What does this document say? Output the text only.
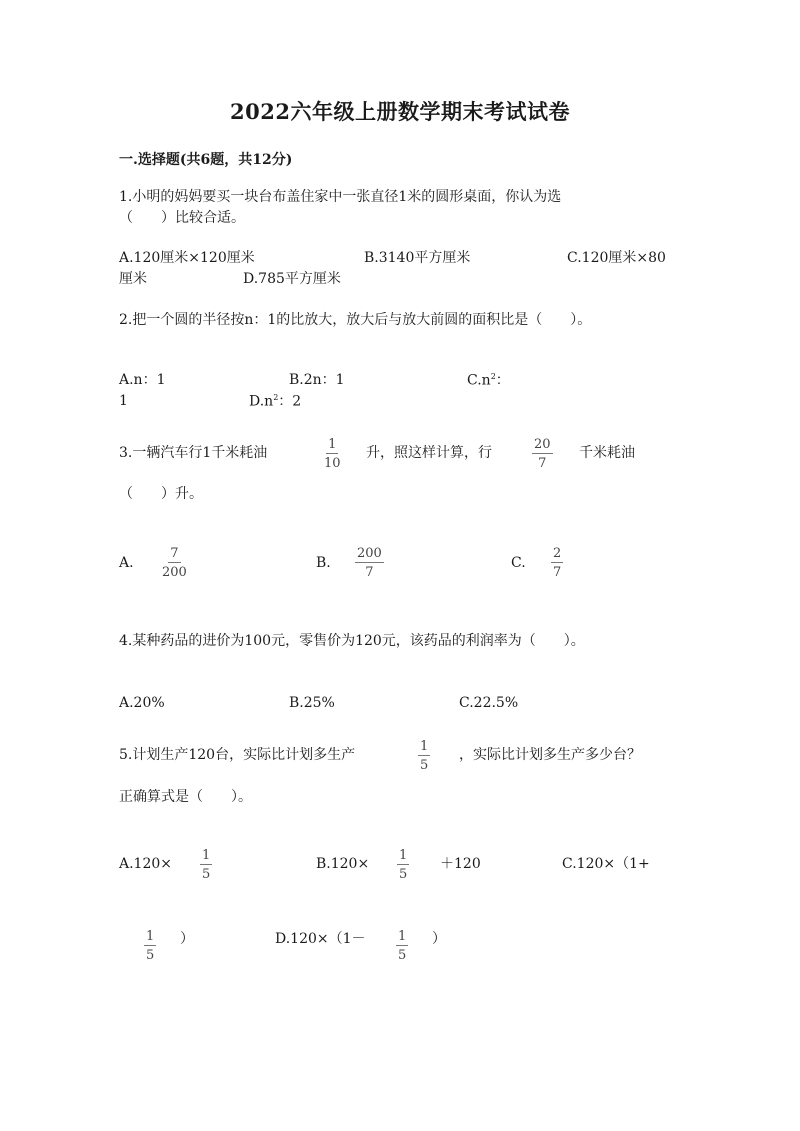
2022六年级上册数学期末考试试卷
一.选择题(共6题，共12分)
1.小明的妈妈要买一块台布盖住家中一张直径1米的圆形桌面，你认为选
（　　）比较合适。
A.120厘米×120厘米	B.3140平方厘米	C.120厘米×80
厘米	D.785平方厘米
2.把一个圆的半径按n：1的比放大，放大后与放大前圆的面积比是（　　）。
A.n：1	B.2n：1	$C.n^2$：
1	$D.n^2$：2
3.一辆汽车行1千米耗油	$\frac{1}{10}$ 升，照这样计算，行	$\frac{20}{7}$ 千米耗油
（　　）升。
A. $\frac{7}{200}$	B. $\frac{200}{7}$	C. $\frac{2}{7}$
4.某种药品的进价为100元，零售价为120元，该药品的利润率为（　　）。
A.20%	B.25%	C.22.5%
5.计划生产120台，实际比计划多生产	$\frac{1}{5}$ ，实际比计划多生产多少台？
正确算式是（　　）。
$A.120\times \frac{1}{5}$	$B.120\times \frac{1}{5} +120$	C.120×（1+
$\frac{1}{5}$ ）	$D.120\times(1- \frac{1}{5}$ ）
